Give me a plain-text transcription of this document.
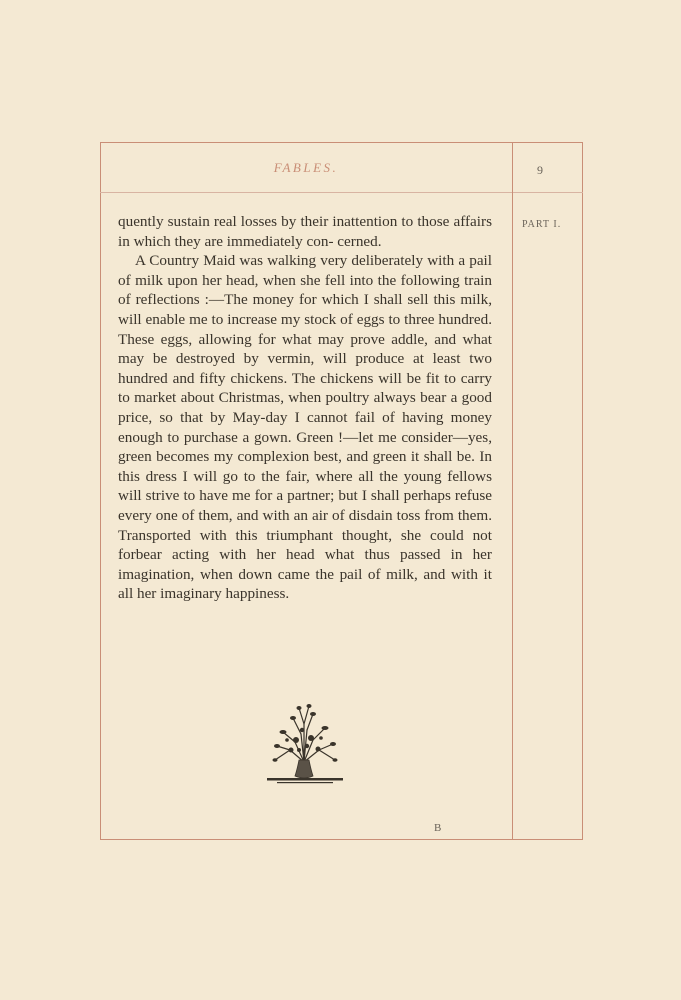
FABLES.	9
PART I.

quently sustain real losses by their inattention to those affairs in which they are immediately con- cerned.

A Country Maid was walking very deliberately with a pail of milk upon her head, when she fell into the following train of reflections :—The money for which I shall sell this milk, will enable me to increase my stock of eggs to three hundred. These eggs, allowing for what may prove addle, and what may be destroyed by vermin, will produce at least two hundred and fifty chickens. The chickens will be fit to carry to market about Christmas, when poultry always bear a good price, so that by May-day I cannot fail of having money enough to purchase a gown. Green !—let me consider—yes, green becomes my complexion best, and green it shall be. In this dress I will go to the fair, where all the young fellows will strive to have me for a partner; but I shall perhaps refuse every one of them, and with an air of disdain toss from them. Transported with this triumphant thought, she could not forbear acting with her head what thus passed in her imagination, when down came the pail of milk, and with it all her imaginary happiness.

B
